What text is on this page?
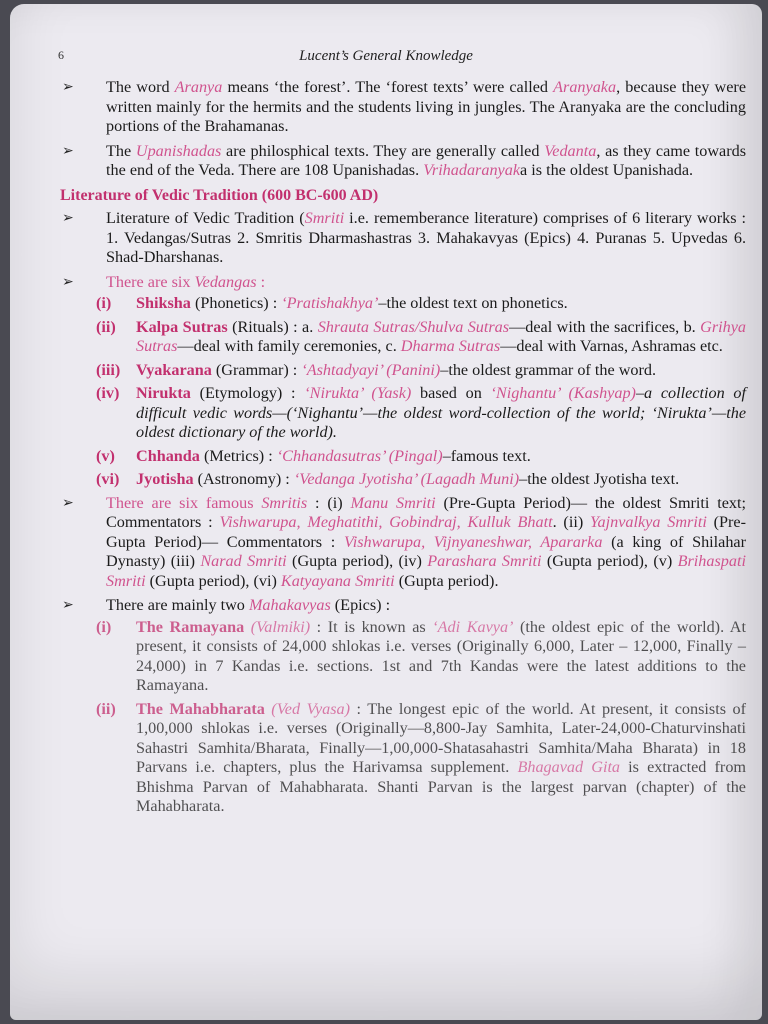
6	Lucent’s General Knowledge

➢ The word Aranya means ‘the forest’. The ‘forest texts’ were called Aranyaka, because they were written mainly for the hermits and the students living in jungles. The Aranyaka are the concluding portions of the Brahamanas.

➢ The Upanishadas are philosphical texts. They are generally called Vedanta, as they came towards the end of the Veda. There are 108 Upanishadas. Vrihadaranyaka is the oldest Upanishada.

Literature of Vedic Tradition (600 BC-600 AD)

➢ Literature of Vedic Tradition (Smriti i.e. rememberance literature) comprises of 6 literary works : 1. Vedangas/Sutras 2. Smritis Dharmashastras 3. Mahakavyas (Epics) 4. Puranas 5. Upvedas 6. Shad-Dharshanas.

➢ There are six Vedangas :

(i) Shiksha (Phonetics) : ‘Pratishakhya’–the oldest text on phonetics.

(ii) Kalpa Sutras (Rituals) : a. Shrauta Sutras/Shulva Sutras—deal with the sacrifices, b. Grihya Sutras—deal with family ceremonies, c. Dharma Sutras—deal with Varnas, Ashramas etc.

(iii) Vyakarana (Grammar) : ‘Ashtadyayi’ (Panini)–the oldest grammar of the word.

(iv) Nirukta (Etymology) : ‘Nirukta’ (Yask) based on ‘Nighantu’ (Kashyap)–a collection of difficult vedic words—(‘Nighantu’—the oldest word-collection of the world; ‘Nirukta’—the oldest dictionary of the world).

(v) Chhanda (Metrics) : ‘Chhandasutras’ (Pingal)–famous text.

(vi) Jyotisha (Astronomy) : ‘Vedanga Jyotisha’ (Lagadh Muni)–the oldest Jyotisha text.

➢ There are six famous Smritis : (i) Manu Smriti (Pre-Gupta Period)— the oldest Smriti text; Commentators : Vishwarupa, Meghatithi, Gobindraj, Kulluk Bhatt. (ii) Yajnvalkya Smriti (Pre-Gupta Period)— Commentators : Vishwarupa, Vijnyaneshwar, Apararka (a king of Shilahar Dynasty) (iii) Narad Smriti (Gupta period), (iv) Parashara Smriti (Gupta period), (v) Brihaspati Smriti (Gupta period), (vi) Katyayana Smriti (Gupta period).

➢ There are mainly two Mahakavyas (Epics) :

(i) The Ramayana (Valmiki) : It is known as ‘Adi Kavya’ (the oldest epic of the world). At present, it consists of 24,000 shlokas i.e. verses (Originally 6,000, Later – 12,000, Finally – 24,000) in 7 Kandas i.e. sections. 1st and 7th Kandas were the latest additions to the Ramayana.

(ii) The Mahabharata (Ved Vyasa) : The longest epic of the world. At present, it consists of 1,00,000 shlokas i.e. verses (Originally—8,800-Jay Samhita, Later-24,000-Chaturvinshati Sahastri Samhita/Bharata, Finally—1,00,000-Shatasahastri Samhita/Maha Bharata) in 18 Parvans i.e. chapters, plus the Harivamsa supplement. Bhagavad Gita is extracted from Bhishma Parvan of Mahabharata. Shanti Parvan is the largest parvan (chapter) of the Mahabharata.
